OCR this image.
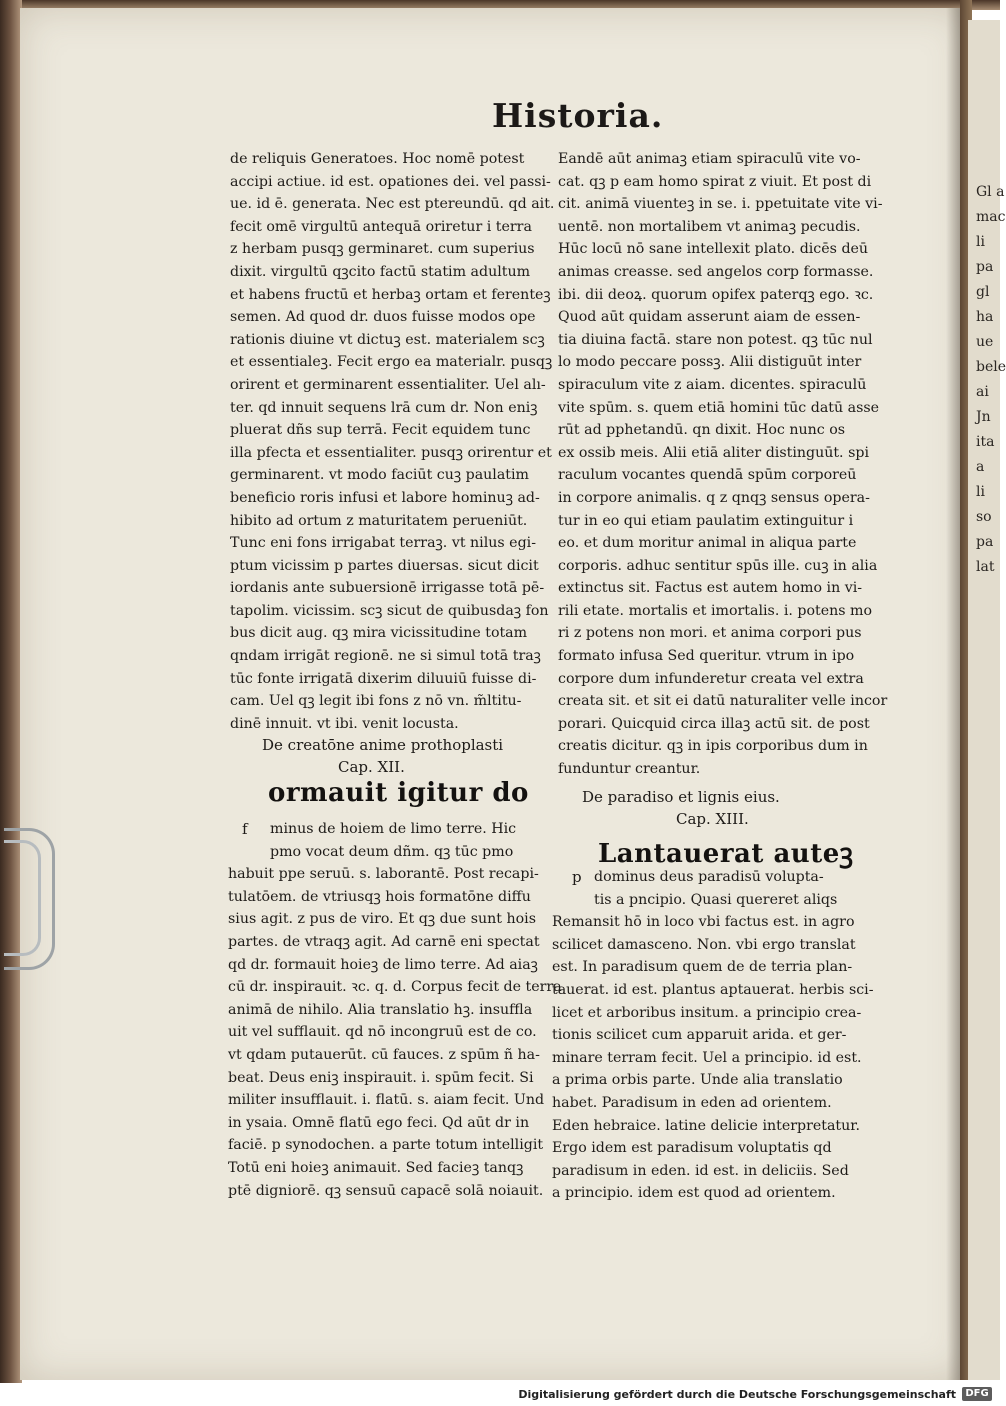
Gl a
mac
li
pa
gl
ha
ue
bele
ai
Jn
ita
a
li
so
pa
lat
Historia.
de reliquis Generatoes. Hoc nomē potest
accipi actiue. id est. opationes dei. vel passi-
ue. id ē. generata. Nec est ptereundū. qd ait.
fecit omē virgultū antequā oriretur i terra
z herbam pusqꝫ germinaret. cum superius
dixit. virgultū qꝫcito factū statim adultum
et habens fructū et herbaꝫ ortam et ferenteꝫ
semen. Ad quod dr. duos fuisse modos ope
rationis diuine vt dictuꝫ est. materialem scꝫ
et essentialeꝫ. Fecit ergo ea materialr. pusqꝫ
orirent et germinarent essentialiter. Uel alı-
ter. qd innuit sequens lrā cum dr. Non eniꝫ
pluerat dñs sup terrā. Fecit equidem tunc
illa pfecta et essentialiter. pusqꝫ orirentur et
germinarent. vt modo faciūt cuꝫ paulatim
beneficio roris infusi et labore hominuꝫ ad-
hibito ad ortum z maturitatem perueniūt.
Tunc eni fons irrigabat terraꝫ. vt nilus egi-
ptum vicissim p partes diuersas. sicut dicit
iordanis ante subuersionē irrigasse totā pē-
tapolim. vicissim. scꝫ sicut de quibusdaꝫ fon
bus dicit aug. qꝫ mira vicissitudine totam
qndam irrigāt regionē. ne si simul totā traꝫ
tūc fonte irrigatā dixerim diluuiū fuisse di-
cam. Uel qꝫ legit ibi fons z nō vn. m̃ltitu-
dinē innuit. vt ibi. venit locusta.
De creatōne anime prothoplasti
Cap. XII.
ormauit igitur do
f	minus de hoiem de limo terre. Hic
pmo vocat deum dñm. qꝫ tūc pmo
habuit ppe seruū. s. laborantē. Post recapi-
tulatōem. de vtriusqꝫ hois formatōne diffu
sius agit. z pus de viro. Et qꝫ due sunt hois
partes. de vtraqꝫ agit. Ad carnē eni spectat
qd dr. formauit hoieꝫ de limo terre. Ad aiaꝫ
cū dr. inspirauit. ꝛc. q. d. Corpus fecit de terra
animā de nihilo. Alia translatio hꝫ. insuffla
uit vel sufflauit. qd nō incongruū est de co.
vt qdam putauerūt. cū fauces. z spūm ñ ha-
beat. Deus eniꝫ inspirauit. i. spūm fecit. Si
militer insufflauit. i. flatū. s. aiam fecit. Und
in ysaia. Omnē flatū ego feci. Qd aūt dr in
faciē. p synodochen. a parte totum intelligit
Totū eni hoieꝫ animauit. Sed facieꝫ tanqꝫ
ptē digniorē. qꝫ sensuū capacē solā noiauit.
Eandē aūt animaꝫ etiam spiraculū vite vo-
cat. qꝫ p eam homo spirat z viuit. Et post di
cit. animā viuenteꝫ in se. i. ppetuitate vite vi-
uentē. non mortalibem vt animaꝫ pecudis.
Hūc locū nō sane intellexit plato. dicēs deū
animas creasse. sed angelos corp formasse.
ibi. dii deoꝝ. quorum opifex paterqꝫ ego. ꝛc.
Quod aūt quidam asserunt aiam de essen-
tia diuina factā. stare non potest. qꝫ tūc nul
lo modo peccare possꝫ. Alii distiguūt inter
spiraculum vite z aiam. dicentes. spiraculū
vite spūm. s. quem etiā homini tūc datū asse
rūt ad pphetandū. qn dixit. Hoc nunc os
ex ossib meis. Alii etiā aliter distinguūt. spi
raculum vocantes quendā spūm corporeū
in corpore animalis. q z qnqꝫ sensus opera-
tur in eo qui etiam paulatim extinguitur i
eo. et dum moritur animal in aliqua parte
corporis. adhuc sentitur spūs ille. cuꝫ in alia
extinctus sit. Factus est autem homo in vi-
rili etate. mortalis et imortalis. i. potens mo
ri z potens non mori. et anima corpori pus
formato infusa Sed queritur. vtrum in ipo
corpore dum infunderetur creata vel extra
creata sit. et sit ei datū naturaliter velle incor
porari. Quicquid circa illaꝫ actū sit. de post
creatis dicitur. qꝫ in ipis corporibus dum in
funduntur creantur.
De paradiso et lignis eius.
Cap. XIII.
Lantauerat auteꝫ
p dominus deus paradisū volupta-
tis a pncipio. Quasi quereret aliqs
Remansit hō in loco vbi factus est. in agro
scilicet damasceno. Non. vbi ergo translat
est. In paradisum quem de de terria plan-
tauerat. id est. plantus aptauerat. herbis sci-
licet et arboribus insitum. a principio crea-
tionis scilicet cum apparuit arida. et ger-
minare terram fecit. Uel a principio. id est.
a prima orbis parte. Unde alia translatio
habet. Paradisum in eden ad orientem.
Eden hebraice. latine delicie interpretatur.
Ergo idem est paradisum voluptatis qd
paradisum in eden. id est. in deliciis. Sed
a principio. idem est quod ad orientem.
Digitalisierung gefördert durch die Deutsche Forschungsgemeinschaft DFG
